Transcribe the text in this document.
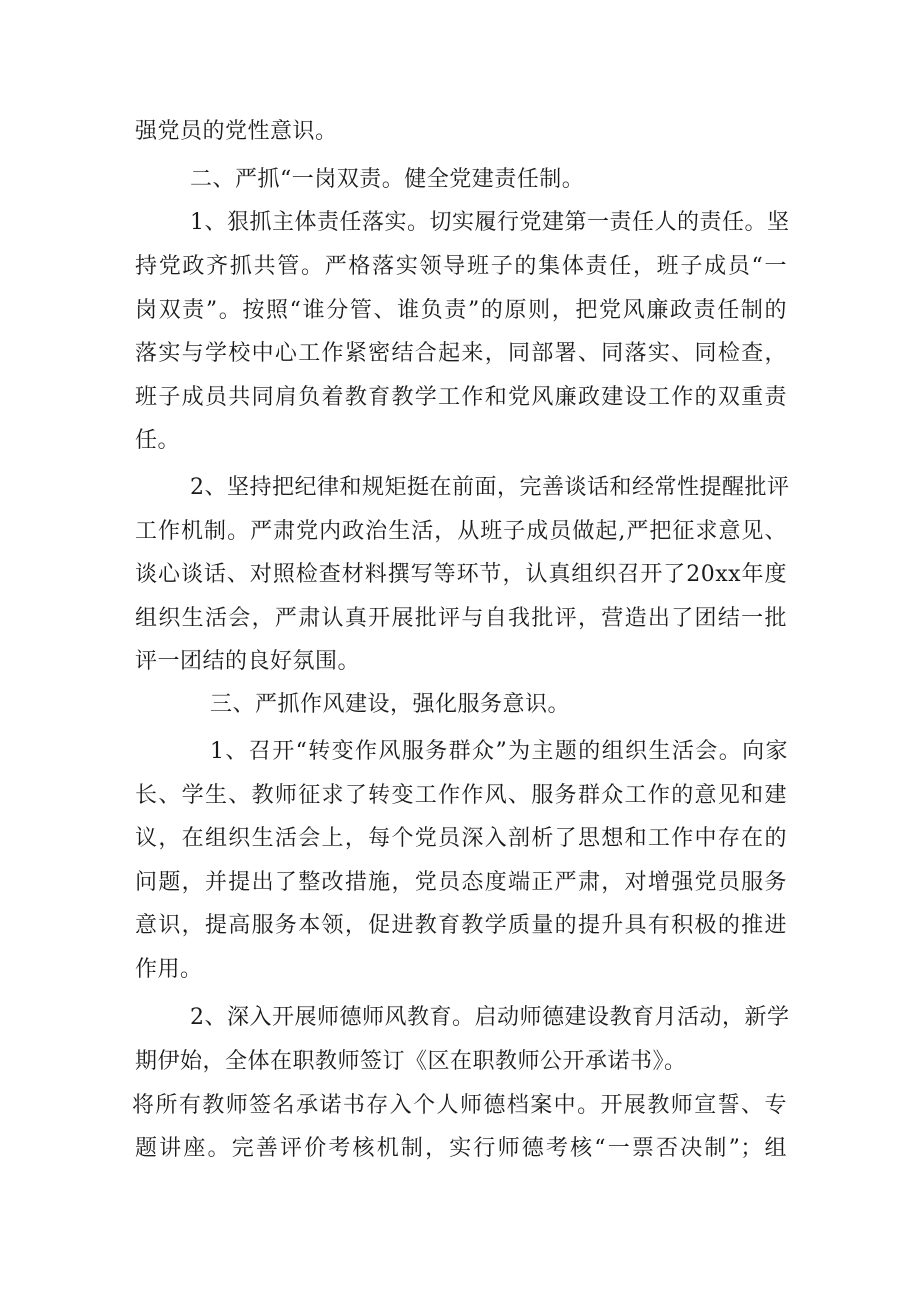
强党员的党性意识。
二、严抓“一岗双责。健全党建责任制。
1、狠抓主体责任落实。切实履行党建第一责任人的责任。坚
持党政齐抓共管。严格落实领导班子的集体责任，班子成员“一
岗双责”。按照“谁分管、谁负责”的原则，把党风廉政责任制的
落实与学校中心工作紧密结合起来，同部署、同落实、同检查，
班子成员共同肩负着教育教学工作和党风廉政建设工作的双重责
任。
2、坚持把纪律和规矩挺在前面，完善谈话和经常性提醒批评
工作机制。严肃党内政治生活，从班子成员做起,严把征求意见、
谈心谈话、对照检查材料撰写等环节，认真组织召开了20xx年度
组织生活会，严肃认真开展批评与自我批评，营造出了团结一批
评一团结的良好氛围。
三、严抓作风建设，强化服务意识。
1、召开“转变作风服务群众”为主题的组织生活会。向家
长、学生、教师征求了转变工作作风、服务群众工作的意见和建
议，在组织生活会上，每个党员深入剖析了思想和工作中存在的
问题，并提出了整改措施，党员态度端正严肃，对增强党员服务
意识，提高服务本领，促进教育教学质量的提升具有积极的推进
作用。
2、深入开展师德师风教育。启动师德建设教育月活动，新学
期伊始，全体在职教师签订《区在职教师公开承诺书》。
将所有教师签名承诺书存入个人师德档案中。开展教师宣誓、专
题讲座。完善评价考核机制，实行师德考核“一票否决制”；组
